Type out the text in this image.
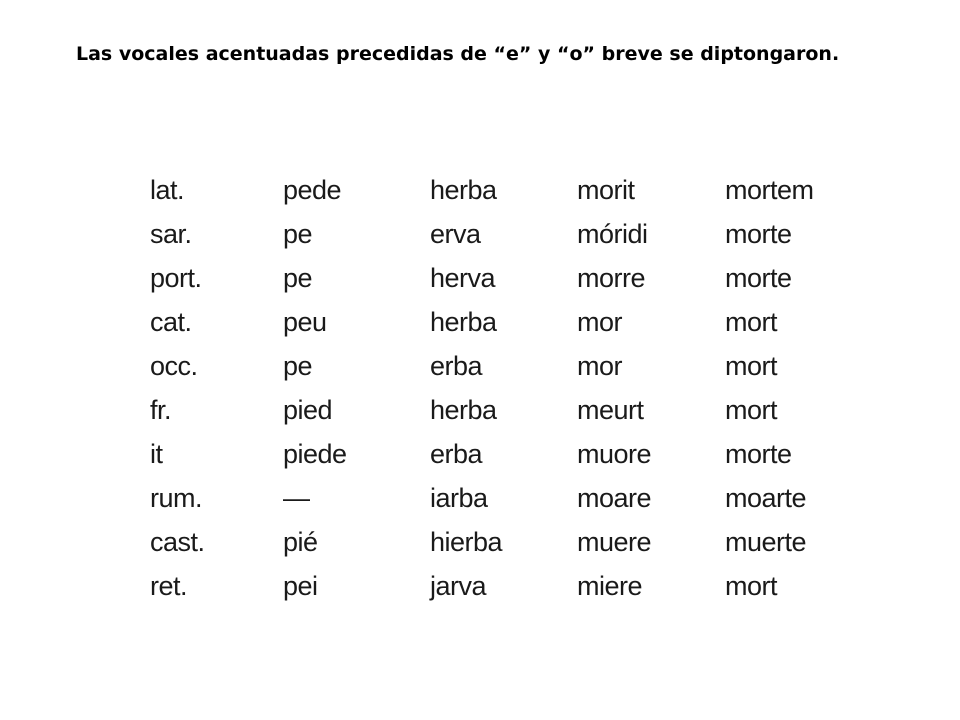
Las vocales acentuadas precedidas de “e” y “o” breve se diptongaron.
lat.	pede	herba	morit	mortem
sar.	pe	erva	móridi	morte
port.	pe	herva	morre	morte
cat.	peu	herba	mor	mort
occ.	pe	erba	mor	mort
fr.	pied	herba	meurt	mort
it	piede	erba	muore	morte
rum.	—	iarba	moare	moarte
cast.	pié	hierba	muere	muerte
ret.	pei	jarva	miere	mort
